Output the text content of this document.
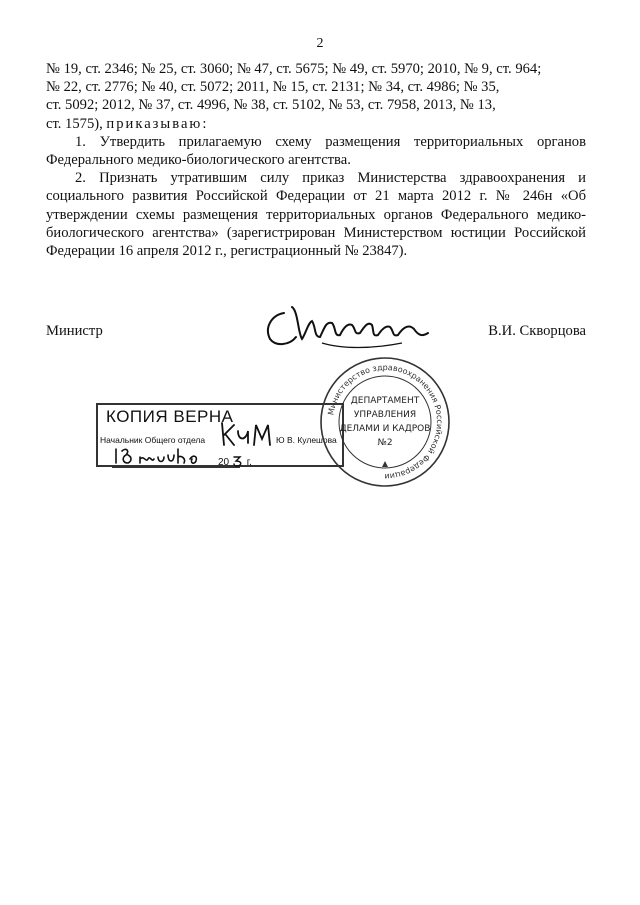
2

№ 19, ст. 2346; № 25, ст. 3060; № 47, ст. 5675; № 49, ст. 5970; 2010, № 9, ст. 964;

№ 22, ст. 2776; № 40, ст. 5072; 2011, № 15, ст. 2131; № 34, ст. 4986; № 35,

ст. 5092; 2012, № 37, ст. 4996, № 38, ст. 5102, № 53, ст. 7958, 2013, № 13,

ст. 1575), приказываю:

1. Утвердить прилагаемую схему размещения территориальных органов Федерального медико-биологического агентства.

2. Признать утратившим силу приказ Министерства здравоохранения и социального развития Российской Федерации от 21 марта 2012 г. № 246н «Об утверждении схемы размещения территориальных органов Федерального медико-биологического агентства» (зарегистрирован Министерством юстиции Российской Федерации 16 апреля 2012 г., регистрационный № 23847).

Министр	В.И. Скворцова
КОПИЯ ВЕРНА
Начальник Общего отдела	Ю В. Кулешова
20 г.
Министерство здравоохранения Российской Федерации
ДЕПАРТАМЕНТ
УПРАВЛЕНИЯ
ДЕЛАМИ И КАДРОВ
№2
